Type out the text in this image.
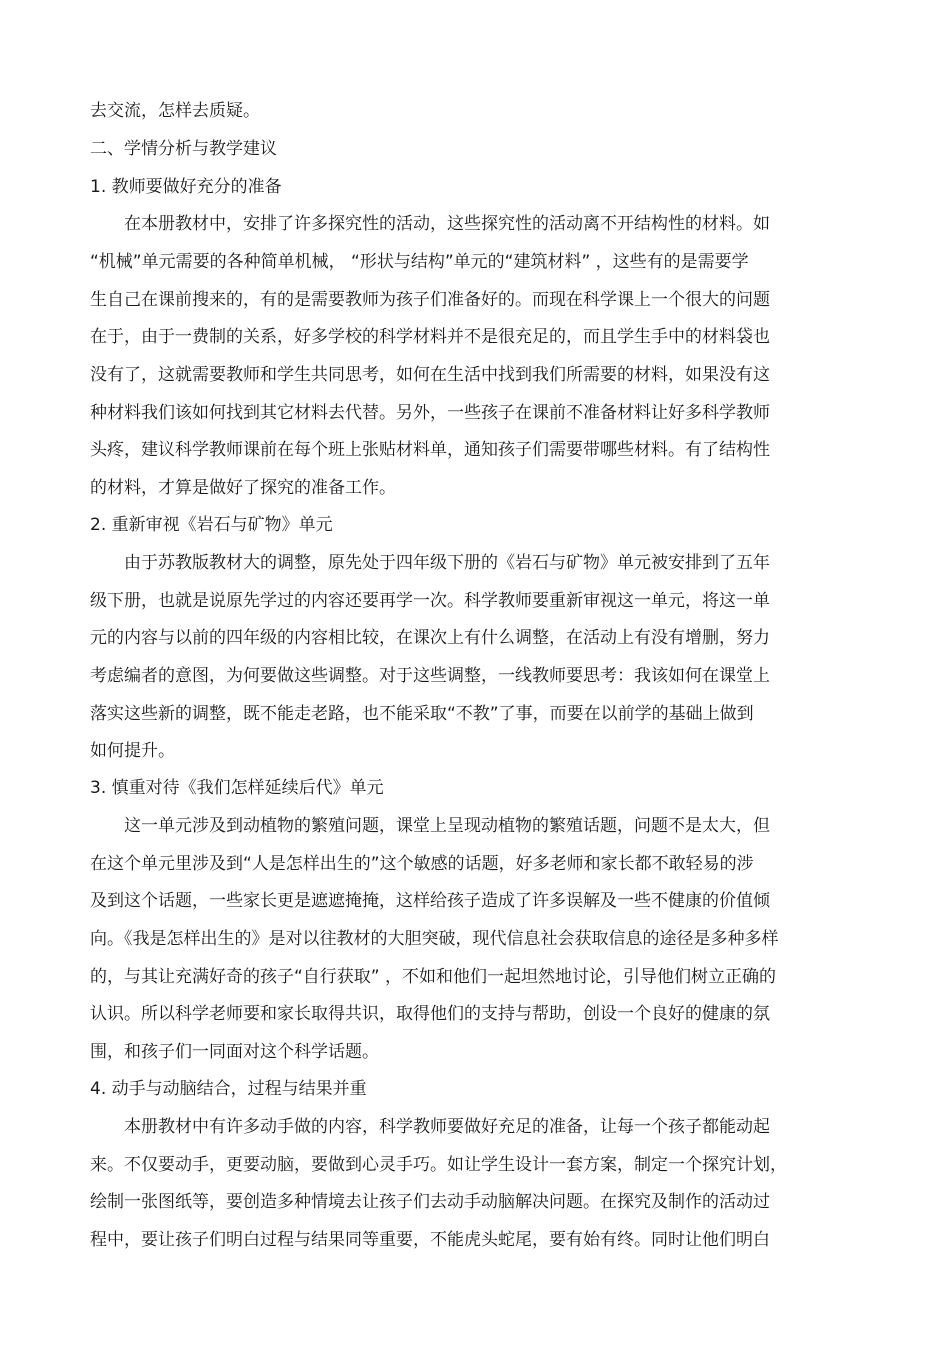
去交流，怎样去质疑。
二、学情分析与教学建议
1. 教师要做好充分的准备
在本册教材中，安排了许多探究性的活动，这些探究性的活动离不开结构性的材料。如
“机械”单元需要的各种简单机械， “形状与结构”单元的“建筑材料” ，这些有的是需要学
生自己在课前搜来的，有的是需要教师为孩子们准备好的。而现在科学课上一个很大的问题
在于，由于一费制的关系，好多学校的科学材料并不是很充足的，而且学生手中的材料袋也
没有了，这就需要教师和学生共同思考，如何在生活中找到我们所需要的材料，如果没有这
种材料我们该如何找到其它材料去代替。另外，一些孩子在课前不准备材料让好多科学教师
头疼，建议科学教师课前在每个班上张贴材料单，通知孩子们需要带哪些材料。有了结构性
的材料，才算是做好了探究的准备工作。
2. 重新审视《岩石与矿物》单元
由于苏教版教材大的调整，原先处于四年级下册的《岩石与矿物》单元被安排到了五年
级下册，也就是说原先学过的内容还要再学一次。科学教师要重新审视这一单元，将这一单
元的内容与以前的四年级的内容相比较，在课次上有什么调整，在活动上有没有增删，努力
考虑编者的意图，为何要做这些调整。对于这些调整，一线教师要思考：我该如何在课堂上
落实这些新的调整，既不能走老路，也不能采取“不教”了事，而要在以前学的基础上做到
如何提升。
3. 慎重对待《我们怎样延续后代》单元
这一单元涉及到动植物的繁殖问题，课堂上呈现动植物的繁殖话题，问题不是太大，但
在这个单元里涉及到“人是怎样出生的”这个敏感的话题，好多老师和家长都不敢轻易的涉
及到这个话题，一些家长更是遮遮掩掩，这样给孩子造成了许多误解及一些不健康的价值倾
向。《我是怎样出生的》是对以往教材的大胆突破，现代信息社会获取信息的途径是多种多样
的，与其让充满好奇的孩子“自行获取” ，不如和他们一起坦然地讨论，引导他们树立正确的
认识。所以科学老师要和家长取得共识，取得他们的支持与帮助，创设一个良好的健康的氛
围，和孩子们一同面对这个科学话题。
4. 动手与动脑结合，过程与结果并重
本册教材中有许多动手做的内容，科学教师要做好充足的准备，让每一个孩子都能动起
来。不仅要动手，更要动脑，要做到心灵手巧。如让学生设计一套方案，制定一个探究计划，
绘制一张图纸等，要创造多种情境去让孩子们去动手动脑解决问题。在探究及制作的活动过
程中，要让孩子们明白过程与结果同等重要，不能虎头蛇尾，要有始有终。同时让他们明白
